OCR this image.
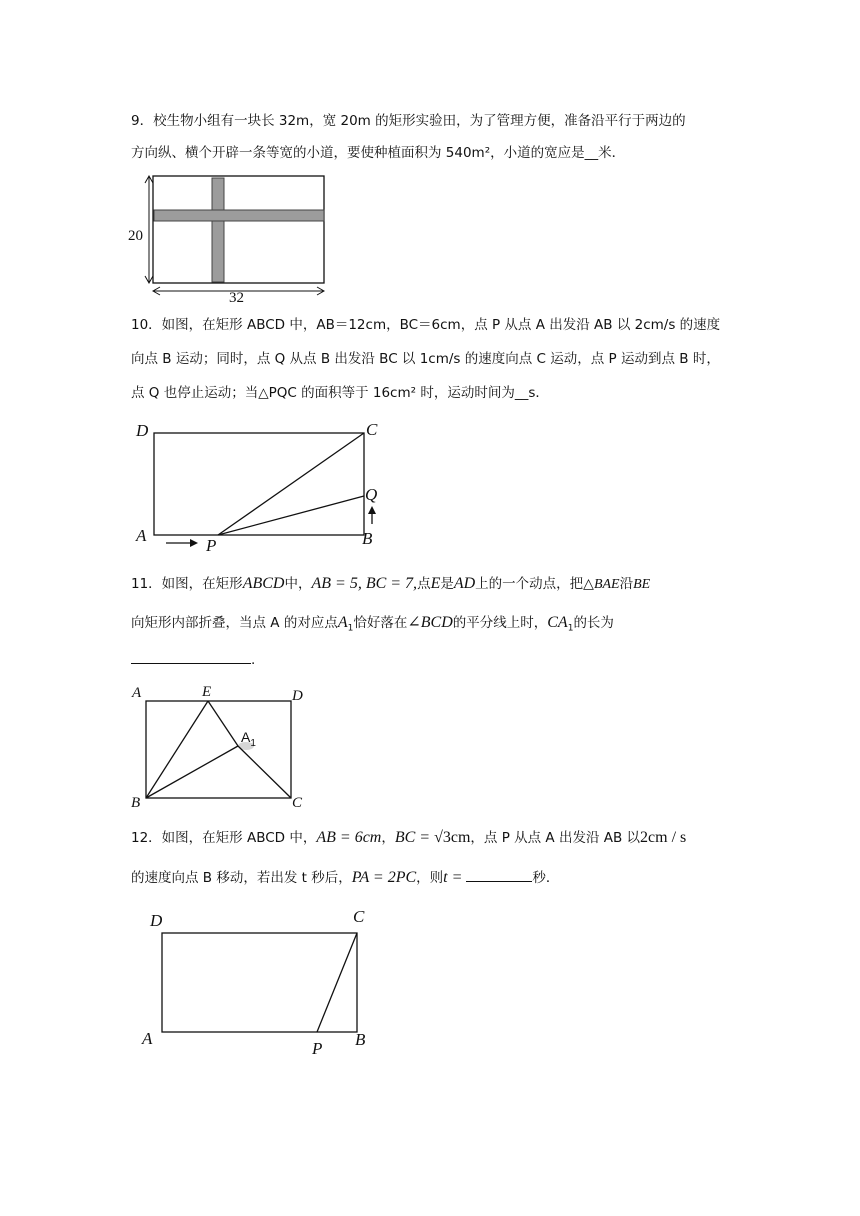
9．校生物小组有一块长 32m，宽 20m 的矩形实验田，为了管理方便，准备沿平行于两边的
方向纵、横个开辟一条等宽的小道，要使种植面积为 540m²，小道的宽应是__米．
20
32
10．如图，在矩形 ABCD 中，AB＝12cm，BC＝6cm，点 P 从点 A 出发沿 AB 以 2cm/s 的速度
向点 B 运动；同时，点 Q 从点 B 出发沿 BC 以 1cm/s 的速度向点 C 运动，点 P 运动到点 B 时，
点 Q 也停止运动；当△PQC 的面积等于 16cm² 时，运动时间为__s．
D	C
Q
A
P	B
11．如图，在矩形ABCD中，AB = 5, BC = 7,点E是AD上的一个动点，把△BAE沿BE
向矩形内部折叠，当点 A 的对应点$A_1$恰好落在∠BCD的平分线上时，$CA_1$的长为
.
A	E	D
$A_1$
B	C
12．如图，在矩形 ABCD 中，AB = 6cm，BC = √3cm，点 P 从点 A 出发沿 AB 以2cm / s
的速度向点 B 移动，若出发 t 秒后，PA = 2PC，则t =	秒．
D	C
A
P B
